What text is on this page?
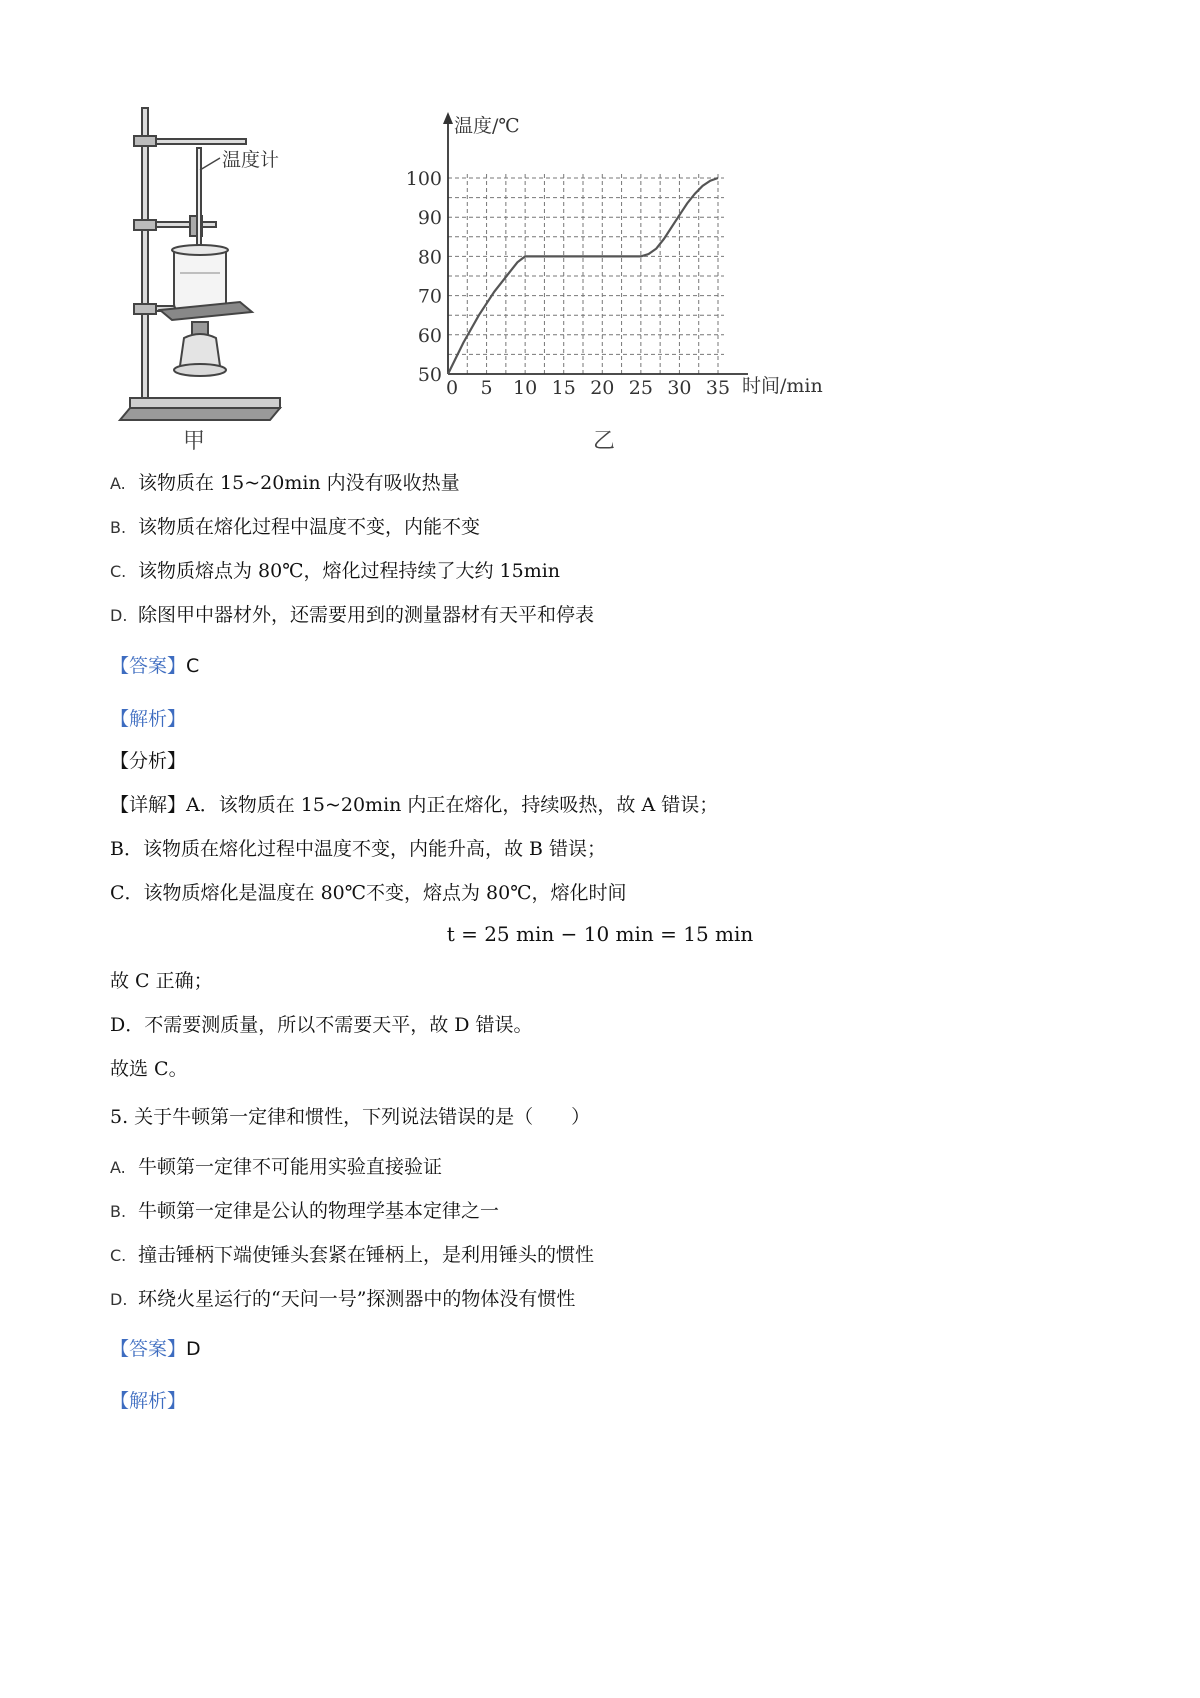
温度计
甲
0 5 10 15 20 25 30 35
50
60
70
80
90
100
温度/℃
时间/min
乙
A. 该物质在 15~20min 内没有吸收热量
B. 该物质在熔化过程中温度不变，内能不变
C. 该物质熔点为 80℃，熔化过程持续了大约 15min
D. 除图甲中器材外，还需要用到的测量器材有天平和停表
【答案】C
【解析】
【分析】
【详解】A．该物质在 15~20min 内正在熔化，持续吸热，故 A 错误；
B．该物质在熔化过程中温度不变，内能升高，故 B 错误；
C．该物质熔化是温度在 80℃不变，熔点为 80℃，熔化时间
t = 25 min − 10 min = 15 min
故 C 正确；
D．不需要测质量，所以不需要天平，故 D 错误。
故选 C。
5. 关于牛顿第一定律和惯性，下列说法错误的是（　　）
A. 牛顿第一定律不可能用实验直接验证
B. 牛顿第一定律是公认的物理学基本定律之一
C. 撞击锤柄下端使锤头套紧在锤柄上，是利用锤头的惯性
D. 环绕火星运行的“天问一号”探测器中的物体没有惯性
【答案】D
【解析】
